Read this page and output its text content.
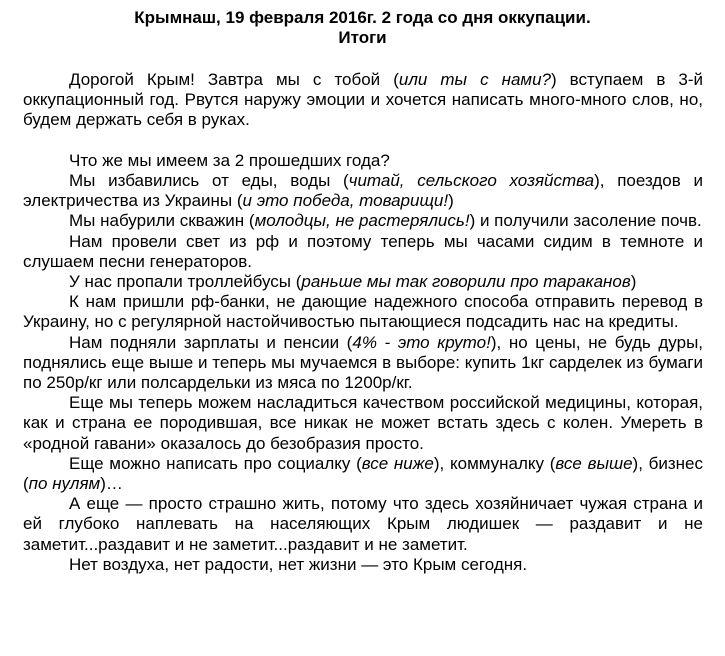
Крымнаш, 19 февраля 2016г. 2 года со дня оккупации.
Итоги

Дорогой Крым! Завтра мы с тобой (или ты с нами?) вступаем в 3-й оккупационный год. Рвутся наружу эмоции и хочется написать много-много слов, но, будем держать себя в руках.

Что же мы имеем за 2 прошедших года?

Мы избавились от еды, воды (читай, сельского хозяйства), поездов и электричества из Украины (и это победа, товарищи!)

Мы набурили скважин (молодцы, не растерялись!) и получили засоление почв.

Нам провели свет из рф и поэтому теперь мы часами сидим в темноте и слушаем песни генераторов.

У нас пропали троллейбусы (раньше мы так говорили про тараканов)

К нам пришли рф-банки, не дающие надежного способа отправить перевод в Украину, но с регулярной настойчивостью пытающиеся подсадить нас на кредиты.

Нам подняли зарплаты и пенсии (4% - это круто!), но цены, не будь дуры, поднялись еще выше и теперь мы мучаемся в выборе: купить 1кг сарделек из бумаги по 250р/кг или полсардельки из мяса по 1200р/кг.

Еще мы теперь можем насладиться качеством российской медицины, которая, как и страна ее породившая, все никак не может встать здесь с колен. Умереть в «родной гавани» оказалось до безобразия просто.

Еще можно написать про социалку (все ниже), коммуналку (все выше), бизнес (по нулям)…

А еще — просто страшно жить, потому что здесь хозяйничает чужая страна и ей глубоко наплевать на населяющих Крым людишек — раздавит и не заметит...раздавит и не заметит...раздавит и не заметит.

Нет воздуха, нет радости, нет жизни — это Крым сегодня.
